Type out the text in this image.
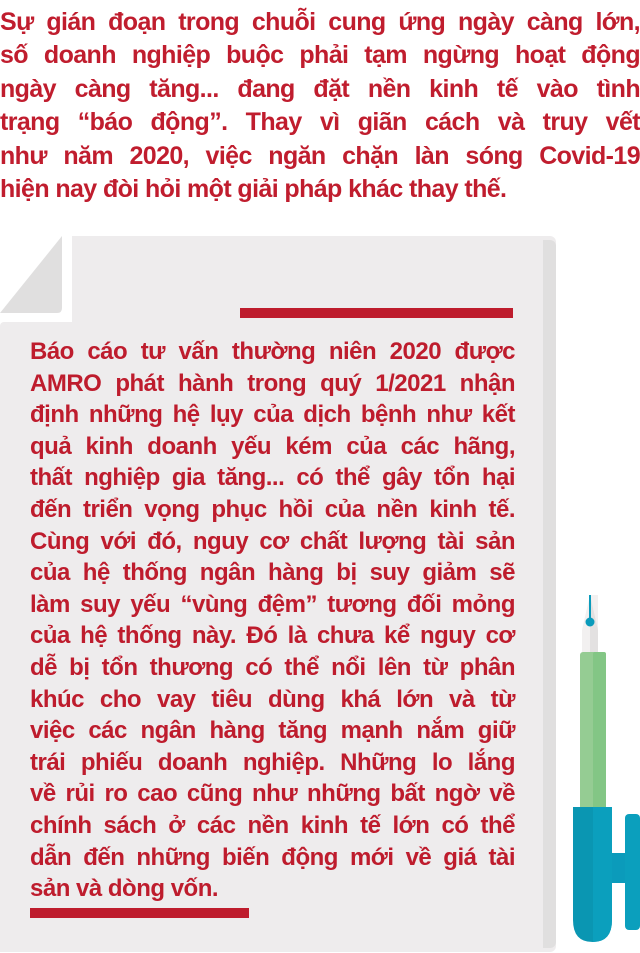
Sự gián đoạn trong chuỗi cung ứng ngày càng lớn,
số doanh nghiệp buộc phải tạm ngừng hoạt động
ngày càng tăng... đang đặt nền kinh tế vào tình
trạng “báo động”. Thay vì giãn cách và truy vết
như năm 2020, việc ngăn chặn làn sóng Covid-19
hiện nay đòi hỏi một giải pháp khác thay thế.
Báo cáo tư vấn thường niên 2020 được
AMRO phát hành trong quý 1/2021 nhận
định những hệ lụy của dịch bệnh như kết
quả kinh doanh yếu kém của các hãng,
thất nghiệp gia tăng... có thể gây tổn hại
đến triển vọng phục hồi của nền kinh tế.
Cùng với đó, nguy cơ chất lượng tài sản
của hệ thống ngân hàng bị suy giảm sẽ
làm suy yếu “vùng đệm” tương đối mỏng
của hệ thống này. Đó là chưa kể nguy cơ
dễ bị tổn thương có thể nổi lên từ phân
khúc cho vay tiêu dùng khá lớn và từ
việc các ngân hàng tăng mạnh nắm giữ
trái phiếu doanh nghiệp. Những lo lắng
về rủi ro cao cũng như những bất ngờ về
chính sách ở các nền kinh tế lớn có thể
dẫn đến những biến động mới về giá tài
sản và dòng vốn.
